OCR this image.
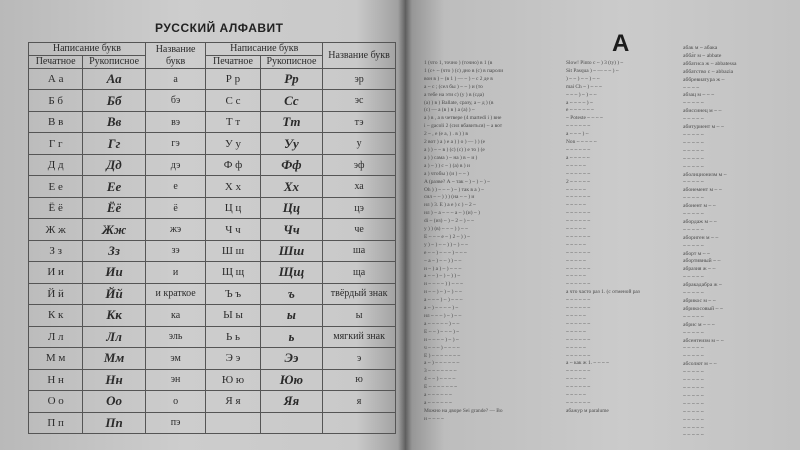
РУССКИЙ АЛФАВИТ
Написание букв		Название букв	Написание букв		Название букв
Печатное	Рукописное		Печатное	Рукописное	
А а	Аа	а	Р р	Рр	эр
Б б	Бб	бэ	С с	Сс	эс
В в	Вв	вэ	Т т	Тт	тэ
Г г	Гг	гэ	У у	Уу	у
Д д	Дд	дэ	Ф ф	Фф	эф
Е е	Ее	е	Х х	Хх	ха
Ё ё	Ёё	ё	Ц ц	Цц	цэ
Ж ж	Жж	жэ	Ч ч	Чч	че
З з	Зз	зэ	Ш ш	Шш	ша
И и	Ии	и	Щ щ	Щщ	ща
Й й	Йй	и краткое	Ъ ъ	ъ	твёрдый знак
К к	Кк	ка	Ы ы	ы	ы
Л л	Лл	эль	Ь ь	ь	мягкий знак
М м	Мм	эм	Э э	Ээ	э
Н н	Нн	эн	Ю ю	Юю	ю
О о	Оо	о	Я я	Яя	я
П п	Пп	пэ			
А

1 (что 1, точно ) (точно) в 1 (в

1 (с+ ~ (что ) (с) дно в (с) в пароли

вон в ) ~ (в 1 ) — ~ ) ~ с 2 де в

а ~ с ; (сел бы ) ~ ~ ) и (то

а тебе на эти с) (у ) в (сда)

(а) ) в ) Ballate, сразу, а ~ д ) (в

(с) — а (в ) в ) а (а) ) ~

а ) в , а в четвере (4 martedì i ) вне

i ~ gacoli 2 (сил вбавиться) ~ а вот

2 ~ , e (e а, ) . в ) ) в

2 вот ) а ) е a ) ) о ) — ) ) (e

а ) ) ~ ~ в ) (c) (c) ) е то ) (е

а ) ) сама ) ~ на ) в ~ и )

а ) ~ ) ) с ~ ) (а) в ) и

а ) чтобы ) (и ) ~ ~ )

A (разве? А ~ так ~ ) ~ ) ~ ) ~

Oh ) ) ~ ~ ~ ) ~ ) так в а ) ~

сил ~ ~ ) ) ) (на ~ ~ ) и

ил ) 3. Е ) а е ) с ) ~ 2 ~

ил ) ~ а ~ ~ ~ а ~ ) (и) ~ )

di ~ (из) ~ ) ~ 2 ~ ) ~ ~

у ) ) (в) ~ ~ ~ ) ) ~ ~

Е ~ ~ ~ е ~ ) 2 ~ ) ) ~

у ) ~ ) ~ ~ ) ) ~ ) ~ ~

е ~ ~ ) ~ ~ ~ ) ~ ~ ~

~ а ~ ) ~ ~ ) ) ~ ~

и ~ ) а ) ~ ) ~ ~ ~

а ~ ~ ) ~ ) ~ ) ) ~

и ~ ~ ~ ~ ) ) ~ ~ ~

и ~ ~ ) ~ ) ~ ) ~ ~

а ~ ~ ~ ) ~ ) ~ ~ ~

а ~ ) ~ ~ ~ ~ ) ~

ил ~ ~ ~ ) ~ ) ~ ~

а ~ ~ ~ ~ ~ ) ~ ~

Е ~ ~ ) ~ ~ ~ ) ~

и ~ ~ ~ ~ ) ~ ) ~

ч ~ ~ ~ ) ~ ~ ~ ~

Е ) ~ ~ ~ ~ ~ ~ ~

а ~ ) ~ ~ ~ ~ ~ ~

3 ~ ~ ~ ~ ~ ~ ~

4 ~ ~ ) ~ ~ ~ ~

Е ~ ~ ~ ~ ~ ~ ~

а ~ ~ ~ ~ ~ ~

а ~ ~ ~ ~ ~ ~

Можно на дворе Sei grande? — Во

и ~ ~ ~ ~

Slow! Pinto с ~ ) 3 (ty) ) ~

Sit Pasqua ) ~ — ~ ~ ) ~

) ~ ~ ) ~ ~ ) ~ ~

mai Ch ~ ) ~ ~ ~

~ ~ ~ ) ~ ) ~ ~

a ~ ~ ~ ~ ) ~

e ~ ~ ~ ~ ~ ~

~ Poteste ~ ~ ~ ~

~ ~ ~ ~ ~ ~

а ~ ~ ~ ) ~

Non ~ ~ ~ ~ ~

~ ~ ~ ~ ~ ~

a ~ ~ ~ ~ ~

~ ~ ~ ~ ~

~ ~ ~ ~ ~ ~

2 ~ ~ ~ ~ ~

~ ~ ~ ~ ~

~ ~ ~ ~ ~ ~

~ ~ ~ ~ ~

~ ~ ~ ~ ~ ~

~ ~ ~ ~ ~ ~

~ ~ ~ ~ ~

~ ~ ~ ~ ~ ~

~ ~ ~ ~ ~

~ ~ ~ ~ ~ ~

~ ~ ~ ~ ~

~ ~ ~ ~ ~ ~

~ ~ ~ ~ ~

~ ~ ~ ~ ~ ~

а что часто раз 1. (с отменой раз

~ ~ ~ ~ ~ ~

~ ~ ~ ~ ~ ~

~ ~ ~ ~ ~

~ ~ ~ ~ ~ ~

~ ~ ~ ~ ~

~ ~ ~ ~ ~ ~

~ ~ ~ ~ ~

~ ~ ~ ~ ~ ~

а ~ как ж 1. ~ ~ ~ ~

~ ~ ~ ~ ~ ~

~ ~ ~ ~ ~

~ ~ ~ ~ ~ ~

~ ~ ~ ~ ~

~ ~ ~ ~ ~ ~

абажур м paralume

абак м ~ абака

абба́т м ~ abbate

аббатиса ж ~ abbatessa

аббатство с ~ abbazia

аббревиатура ж ~

~ ~ ~ ~

абзац м ~ ~ ~

~ ~ ~ ~ ~

абиссинец м ~ ~

~ ~ ~ ~ ~

абитуриент м ~ ~

~ ~ ~ ~ ~

~ ~ ~ ~ ~

~ ~ ~ ~ ~

~ ~ ~ ~ ~

~ ~ ~ ~ ~

аболиционизм м ~

~ ~ ~ ~ ~

абонемент м ~ ~

~ ~ ~ ~ ~

абонент м ~ ~

~ ~ ~ ~ ~

абордаж м ~ ~

~ ~ ~ ~ ~

абориген м ~ ~

~ ~ ~ ~ ~

аборт м ~ ~

абортивный ~ ~

абразия ж ~ ~

~ ~ ~ ~ ~

абракадабра ж ~

~ ~ ~ ~ ~

абрикос м ~ ~

абрикосовый ~ ~

~ ~ ~ ~ ~

абрис м ~ ~ ~

~ ~ ~ ~ ~

абсентеизм м ~ ~

~ ~ ~ ~ ~

~ ~ ~ ~ ~

абсолют м ~ ~

~ ~ ~ ~ ~

~ ~ ~ ~ ~

~ ~ ~ ~ ~

~ ~ ~ ~ ~

~ ~ ~ ~ ~

~ ~ ~ ~ ~

~ ~ ~ ~ ~

~ ~ ~ ~ ~

~ ~ ~ ~ ~
